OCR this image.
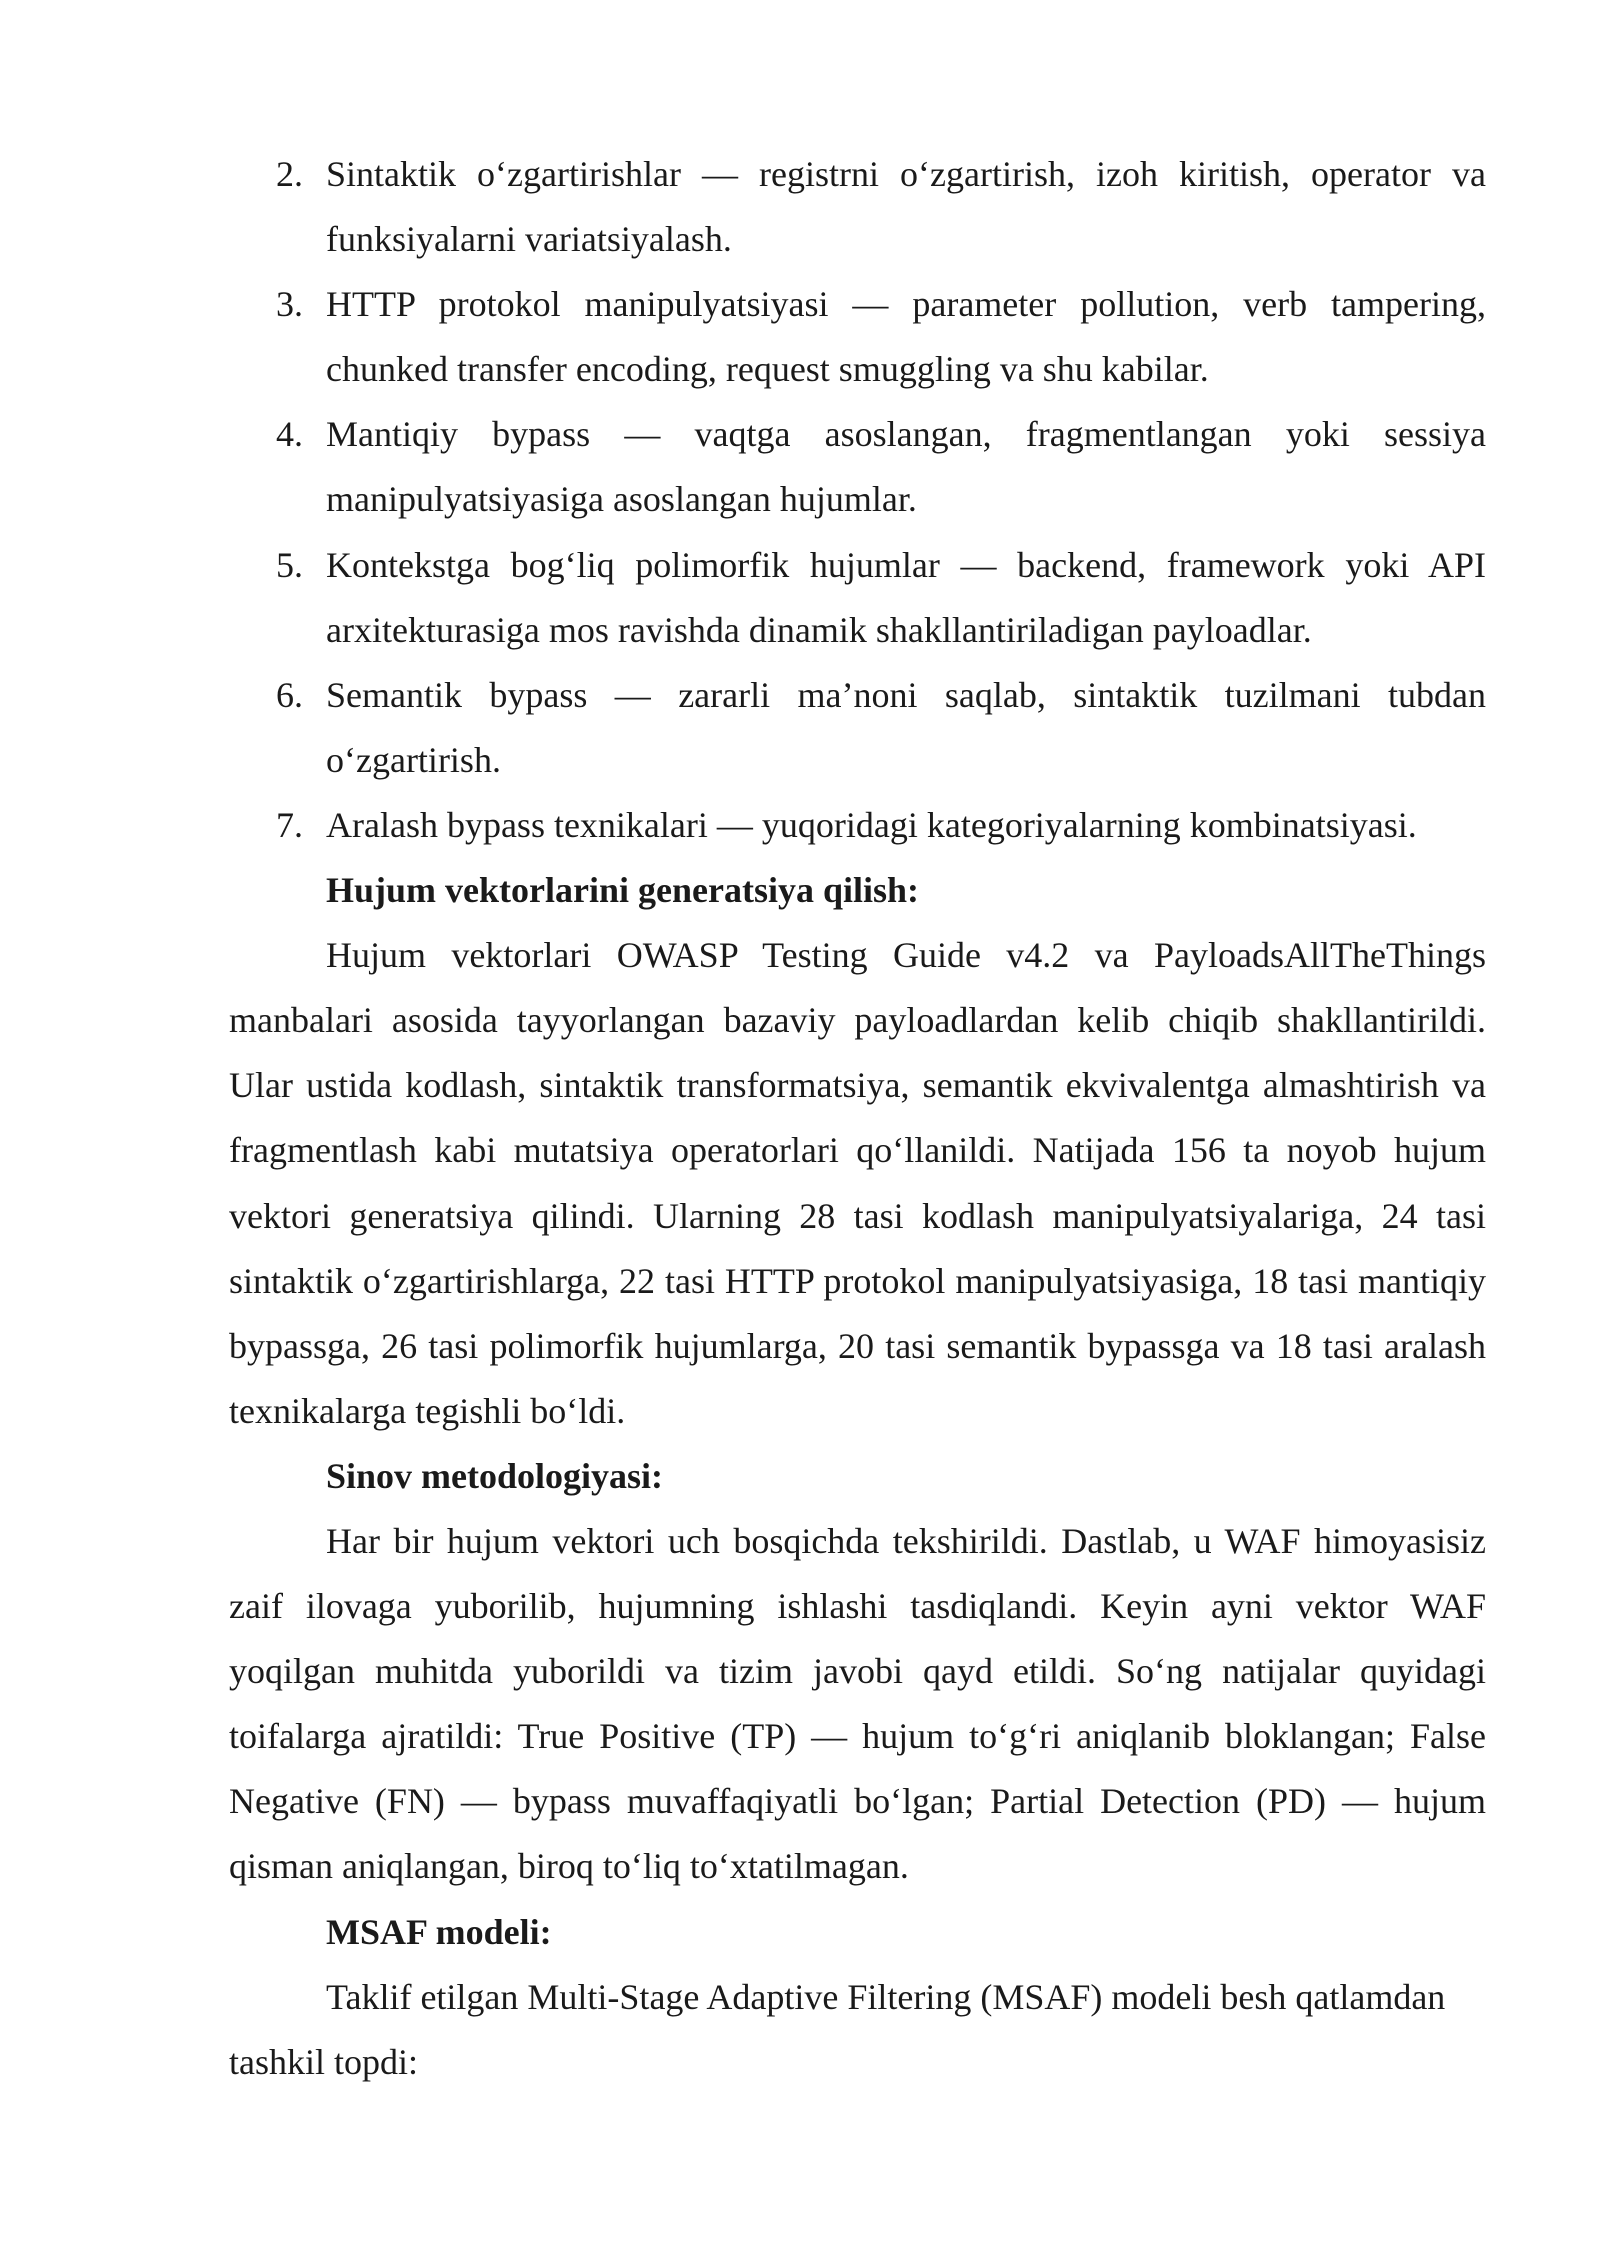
2. Sintaktik o‘zgartirishlar — registrni o‘zgartirish, izoh kiritish, operator va funksiyalarni variatsiyalash.
3. HTTP protokol manipulyatsiyasi — parameter pollution, verb tampering, chunked transfer encoding, request smuggling va shu kabilar.
4. Mantiqiy bypass — vaqtga asoslangan, fragmentlangan yoki sessiya manipulyatsiyasiga asoslangan hujumlar.
5. Kontekstga bog‘liq polimorfik hujumlar — backend, framework yoki API arxitekturasiga mos ravishda dinamik shakllantiriladigan payloadlar.
6. Semantik bypass — zararli ma’noni saqlab, sintaktik tuzilmani tubdan o‘zgartirish.
7. Aralash bypass texnikalari — yuqoridagi kategoriyalarning kombinatsiyasi.
Hujum vektorlarini generatsiya qilish:

Hujum vektorlari OWASP Testing Guide v4.2 va PayloadsAllTheThings manbalari asosida tayyorlangan bazaviy payloadlardan kelib chiqib shakllantirildi. Ular ustida kodlash, sintaktik transformatsiya, semantik ekvivalentga almashtirish va fragmentlash kabi mutatsiya operatorlari qo‘llanildi. Natijada 156 ta noyob hujum vektori generatsiya qilindi. Ularning 28 tasi kodlash manipulyatsiyalariga, 24 tasi sintaktik o‘zgartirishlarga, 22 tasi HTTP protokol manipulyatsiyasiga, 18 tasi mantiqiy bypassga, 26 tasi polimorfik hujumlarga, 20 tasi semantik bypassga va 18 tasi aralash texnikalarga tegishli bo‘ldi.

Sinov metodologiyasi:

Har bir hujum vektori uch bosqichda tekshirildi. Dastlab, u WAF himoyasisiz zaif ilovaga yuborilib, hujumning ishlashi tasdiqlandi. Keyin ayni vektor WAF yoqilgan muhitda yuborildi va tizim javobi qayd etildi. So‘ng natijalar quyidagi toifalarga ajratildi: True Positive (TP) — hujum to‘g‘ri aniqlanib bloklangan; False Negative (FN) — bypass muvaffaqiyatli bo‘lgan; Partial Detection (PD) — hujum qisman aniqlangan, biroq to‘liq to‘xtatilmagan.

MSAF modeli:

Taklif etilgan Multi-Stage Adaptive Filtering (MSAF) modeli besh qatlamdan tashkil topdi:
